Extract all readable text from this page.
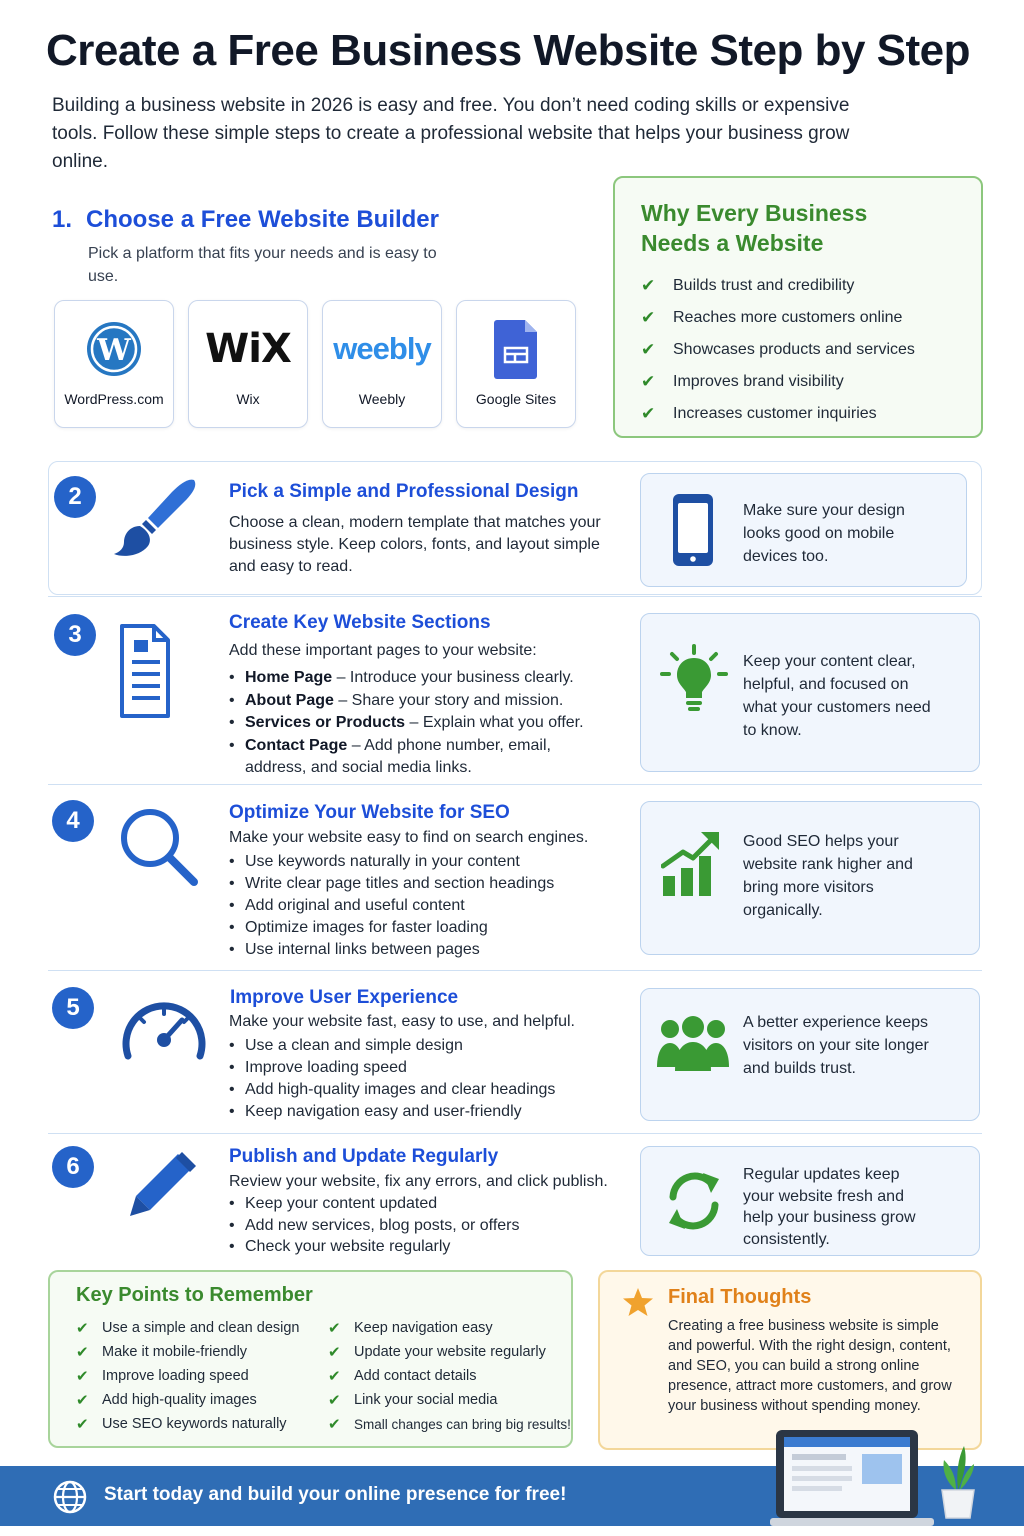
Create a Free Business Website Step by Step
Building a business website in 2026 is easy and free. You don’t need coding skills or expensive tools. Follow these simple steps to create a professional website that helps your business grow online.
1. Choose a Free Website Builder
Pick a platform that fits your needs and is easy to use.
W
WordPress.com
WiX
Wix
weebly
Weebly	Google Sites
Why Every Business Needs a Website
✔	Builds trust and credibility
✔	Reaches more customers online
✔	Showcases products and services
✔	Improves brand visibility
✔	Increases customer inquiries
2	Pick a Simple and Professional Design
Choose a clean, modern template that matches your business style. Keep colors, fonts, and layout simple and easy to read.
Make sure your design looks good on mobile devices too.
3	Create Key Website Sections
Add these important pages to your website:
• Home Page – Introduce your business clearly.
• About Page – Share your story and mission.
• Services or Products – Explain what you offer.
• Contact Page – Add phone number, email, address, and social media links.
Keep your content clear, helpful, and focused on what your customers need to know.
4	Optimize Your Website for SEO
Make your website easy to find on search engines.
• Use keywords naturally in your content
• Write clear page titles and section headings
• Add original and useful content
• Optimize images for faster loading
• Use internal links between pages
Good SEO helps your website rank higher and bring more visitors organically.
5	Improve User Experience
Make your website fast, easy to use, and helpful.
• Use a clean and simple design
• Improve loading speed
• Add high-quality images and clear headings
• Keep navigation easy and user-friendly
A better experience keeps visitors on your site longer and builds trust.
6	Publish and Update Regularly
Review your website, fix any errors, and click publish.
• Keep your content updated
• Add new services, blog posts, or offers
• Check your website regularly
Regular updates keep your website fresh and help your business grow consistently.
Key Points to Remember
✔ Use a simple and clean design
✔ Make it mobile-friendly
✔ Improve loading speed
✔ Add high-quality images
✔ Use SEO keywords naturally
✔ Keep navigation easy
✔ Update your website regularly
✔ Add contact details
✔ Link your social media
✔ Small changes can bring big results!
Final Thoughts

Creating a free business website is simple and powerful. With the right design, content, and SEO, you can build a strong online presence, attract more customers, and grow your business without spending money.

Start today and build your online presence for free!
